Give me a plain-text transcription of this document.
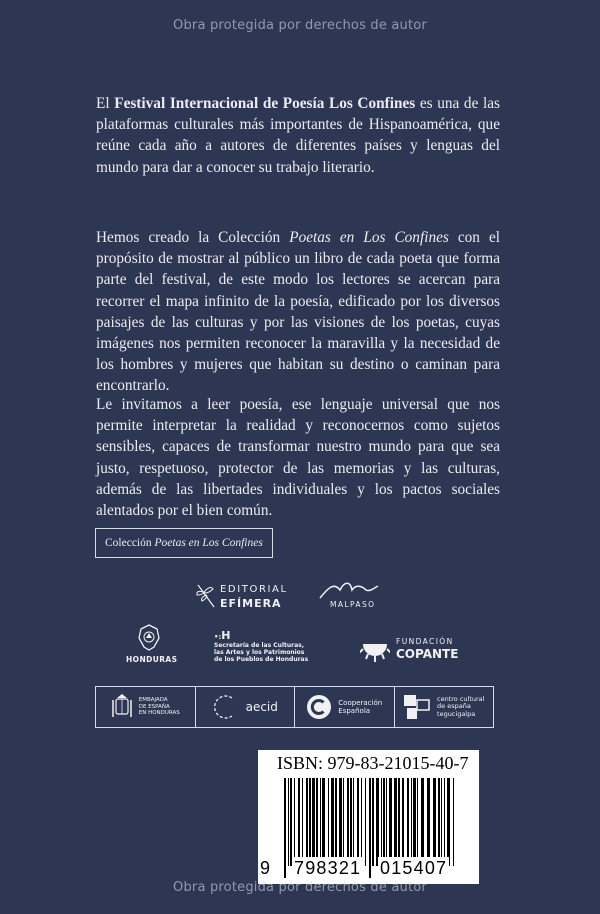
Obra protegida por derechos de autor

El Festival Internacional de Poesía Los Confines es una de las plataformas culturales más importantes de Hispanoamérica, que reúne cada año a autores de diferentes países y lenguas del mundo para dar a conocer su trabajo literario.

Hemos creado la Colección Poetas en Los Confines con el propósito de mostrar al público un libro de cada poeta que forma parte del festival, de este modo los lectores se acercan para recorrer el mapa infinito de la poesía, edificado por los diversos paisajes de las culturas y por las visiones de los poetas, cuyas imágenes nos permiten reconocer la maravilla y la necesidad de los hombres y mujeres que habitan su destino o caminan para encontrarlo.

Le invitamos a leer poesía, ese lenguaje universal que nos permite interpretar la realidad y reconocernos como sujetos sensibles, capaces de transformar nuestro mundo para que sea justo, respetuoso, protector de las memorias y las culturas, además de las libertades individuales y los pactos sociales alentados por el bien común.

Colección Poetas en Los Confines
EDITORIAL
EFÍMERA	MALPASO
HONDURAS
•:H
Secretaría de las Culturas,
las Artes y los Patrimonios
de los Pueblos de Honduras
FUNDACIÓN
COPANTE
EMBAJADA
DE ESPAÑA
EN HONDURAS	aecid	Cooperación
Española
centro cultural
de españa
tegucigalpa
ISBN: 979-83-21015-40-7
9 798321 015407
Obra protegida por derechos de autor
